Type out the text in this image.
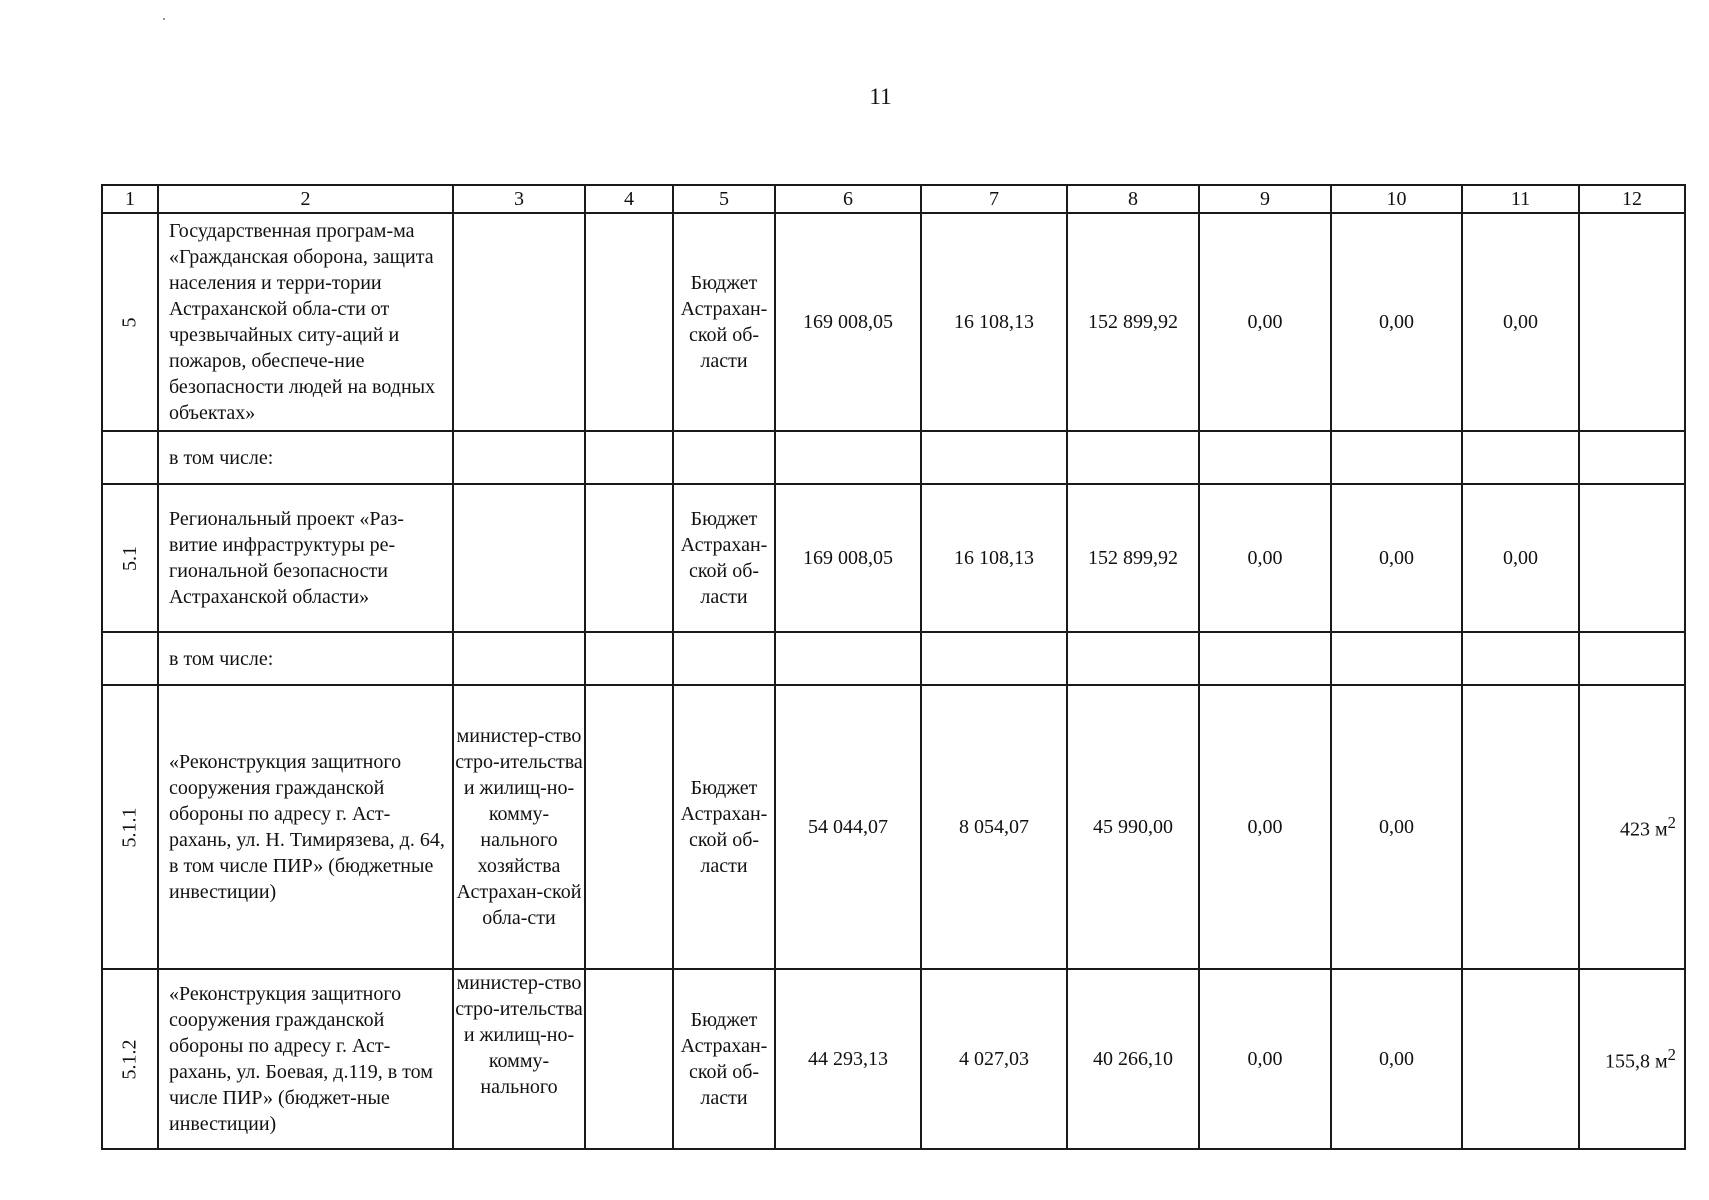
11
1	2	3	4	5	6	7	8	9	10	11	12
5	Государственная програм-ма «Гражданская оборона, защита населения и терри-тории Астраханской обла-сти от чрезвычайных ситу-аций и пожаров, обеспече-ние безопасности людей на водных объектах»			Бюджет Астрахан-ской об-ласти	169 008,05	16 108,13	152 899,92	0,00	0,00	0,00	
	в том числе:										
5.1	Региональный проект «Раз-витие инфраструктуры ре-гиональной безопасности Астраханской области»			Бюджет Астрахан-ской об-ласти	169 008,05	16 108,13	152 899,92	0,00	0,00	0,00	
	в том числе:										
5.1.1	«Реконструкция защитного сооружения гражданской обороны по адресу г. Аст-рахань, ул. Н. Тимирязева, д. 64, в том числе ПИР» (бюджетные инвестиции)	министер-ство стро-ительства и жилищ-но-комму-нального хозяйства Астрахан-ской обла-сти		Бюджет Астрахан-ской об-ласти	54 044,07	8 054,07	45 990,00	0,00	0,00		423 $м^2$
5.1.2	«Реконструкция защитного сооружения гражданской обороны по адресу г. Аст-рахань, ул. Боевая, д.119, в том числе ПИР» (бюджет-ные инвестиции)	министер-ство стро-ительства и жилищ-но-комму-нального		Бюджет Астрахан-ской об-ласти	44 293,13	4 027,03	40 266,10	0,00	0,00		155,8 $м^2$
